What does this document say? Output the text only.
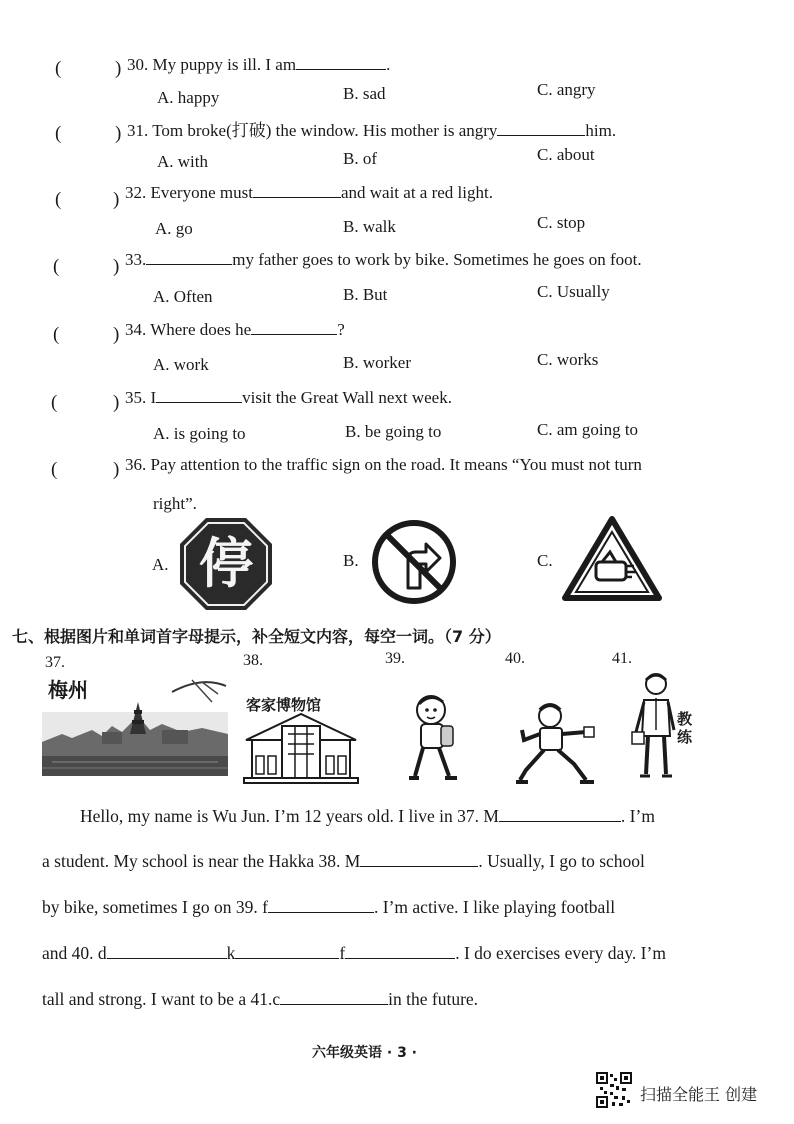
(	) 30. My puppy is ill. I am	.
A. happy	B. sad	C. angry
(	) 31. Tom broke(打破) the window. His mother is angry	him.
A. with	B. of	C. about
(	) 32. Everyone must	and wait at a red light.
A. go	B. walk	C. stop
(	) 33.	my father goes to work by bike. Sometimes he goes on foot.
A. Often	B. But	C. Usually
(	) 34. Where does he	?
A. work	B. worker	C. works
(	) 35. I	visit the Great Wall next week.
A. is going to	B. be going to	C. am going to
(	) 36. Pay attention to the traffic sign on the road. It means “You must not turn
right”.
A. 停	B.	C.
七、根据图片和单词首字母提示，补全短文内容，每空一词。（7 分）
37.	38.	39.	40.	41.
梅州
客家博物馆
教练
Hello, my name is Wu Jun. I’m 12 years old. I live in 37. M	. I’m
a student. My school is near the Hakka 38. M	. Usually, I go to school
by bike, sometimes I go on 39. f	. I’m active. I like playing football
and 40. d	k	f	. I do exercises every day. I’m
tall and strong. I want to be a 41.c	in the future.
六年级英语 · 3 ·
扫描全能王 创建
